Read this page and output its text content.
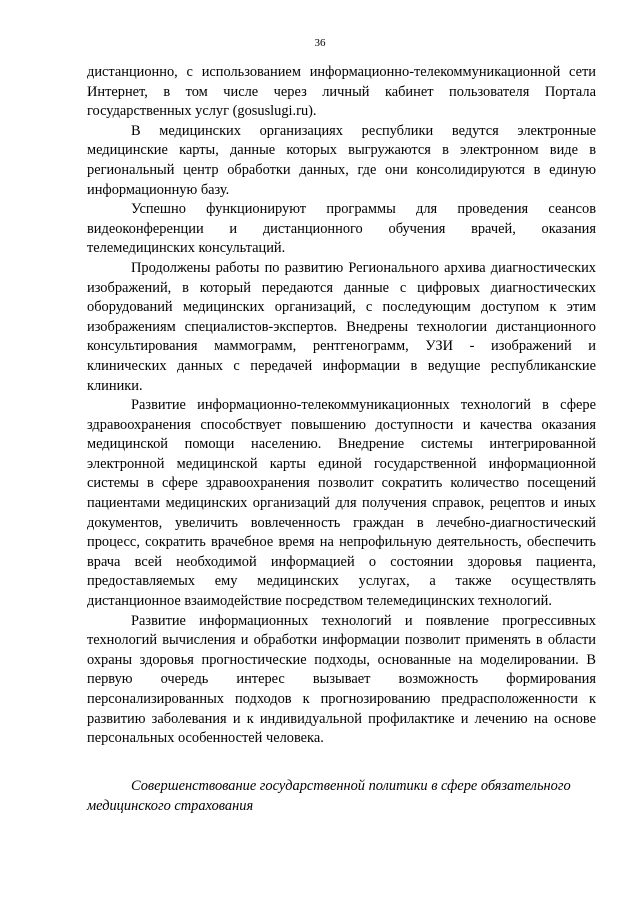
36

дистанционно, с использованием информационно-телекоммуникационной сети Интернет, в том числе через личный кабинет пользователя Портала государственных услуг (gosuslugi.ru).

В медицинских организациях республики ведутся электронные медицинские карты, данные которых выгружаются в электронном виде в региональный центр обработки данных, где они консолидируются в единую информационную базу.

Успешно функционируют программы для проведения сеансов видеоконференции и дистанционного обучения врачей, оказания телемедицинских консультаций.

Продолжены работы по развитию Регионального архива диагностических изображений, в который передаются данные с цифровых диагностических оборудований медицинских организаций, с последующим доступом к этим изображениям специалистов-экспертов. Внедрены технологии дистанционного консультирования маммограмм, рентгенограмм, УЗИ - изображений и клинических данных с передачей информации в ведущие республиканские клиники.

Развитие информационно-телекоммуникационных технологий в сфере здравоохранения способствует повышению доступности и качества оказания медицинской помощи населению. Внедрение системы интегрированной электронной медицинской карты единой государственной информационной системы в сфере здравоохранения позволит сократить количество посещений пациентами медицинских организаций для получения справок, рецептов и иных документов, увеличить вовлеченность граждан в лечебно-диагностический процесс, сократить врачебное время на непрофильную деятельность, обеспечить врача всей необходимой информацией о состоянии здоровья пациента, предоставляемых ему медицинских услугах, а также осуществлять дистанционное взаимодействие посредством телемедицинских технологий.

Развитие информационных технологий и появление прогрессивных технологий вычисления и обработки информации позволит применять в области охраны здоровья прогностические подходы, основанные на моделировании. В первую очередь интерес вызывает возможность формирования персонализированных подходов к прогнозированию предрасположенности к развитию заболевания и к индивидуальной профилактике и лечению на основе персональных особенностей человека.

Совершенствование государственной политики в сфере обязательного медицинского страхования
